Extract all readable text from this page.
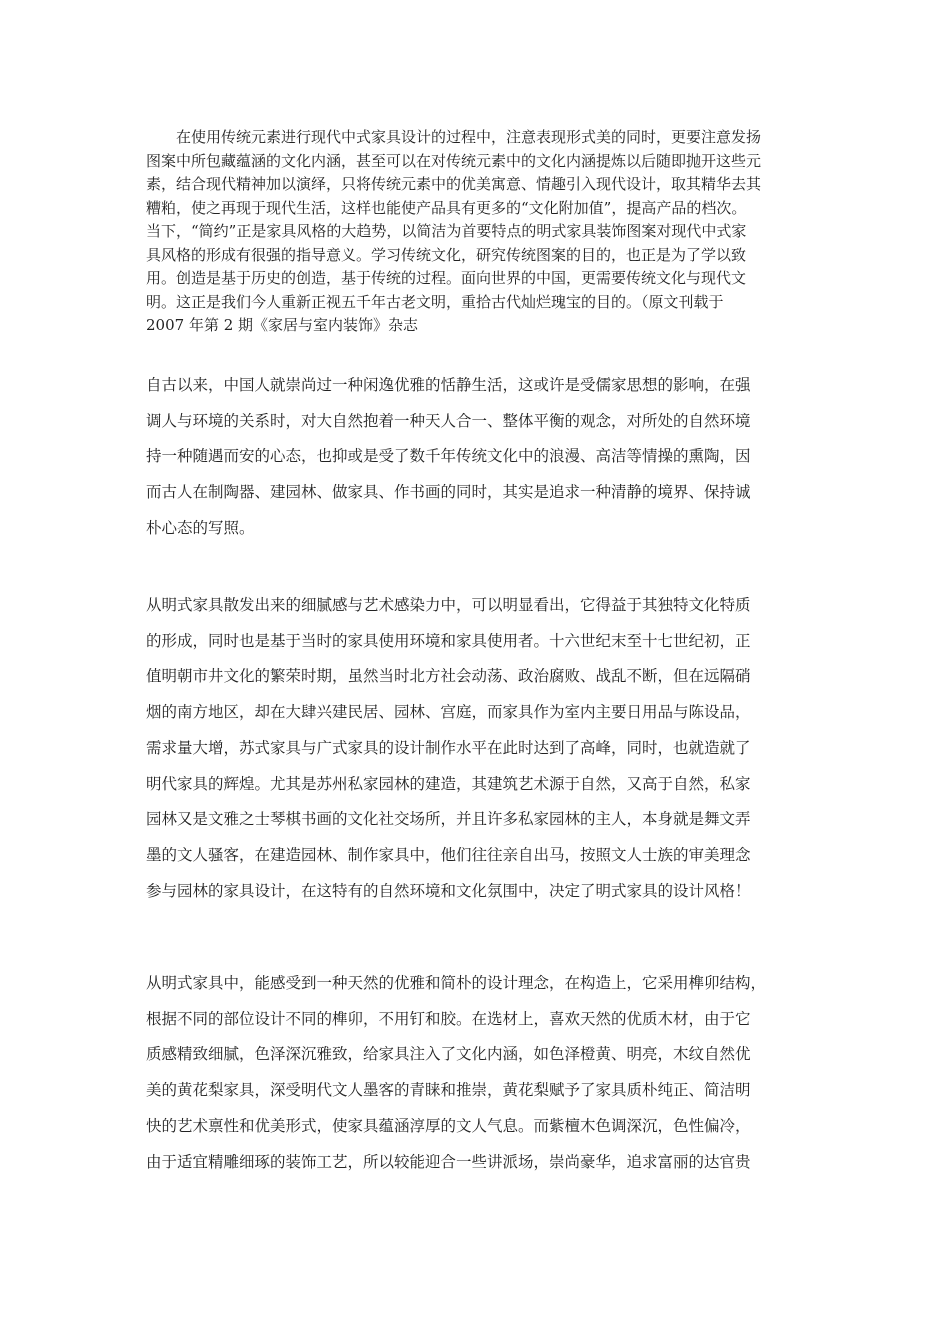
在使用传统元素进行现代中式家具设计的过程中，注意表现形式美的同时，更要注意发扬
图案中所包藏蕴涵的文化内涵，甚至可以在对传统元素中的文化内涵提炼以后随即抛开这些元
素，结合现代精神加以演绎，只将传统元素中的优美寓意、情趣引入现代设计，取其精华去其
糟粕，使之再现于现代生活，这样也能使产品具有更多的“文化附加值”，提高产品的档次。
当下，“简约”正是家具风格的大趋势，以简洁为首要特点的明式家具装饰图案对现代中式家
具风格的形成有很强的指导意义。学习传统文化，研究传统图案的目的，也正是为了学以致
用。创造是基于历史的创造，基于传统的过程。面向世界的中国，更需要传统文化与现代文
明。这正是我们今人重新正视五千年古老文明，重拾古代灿烂瑰宝的目的。（原文刊载于
2007 年第 2 期《家居与室内装饰》杂志
自古以来，中国人就崇尚过一种闲逸优雅的恬静生活，这或许是受儒家思想的影响，在强
调人与环境的关系时，对大自然抱着一种天人合一、整体平衡的观念，对所处的自然环境
持一种随遇而安的心态，也抑或是受了数千年传统文化中的浪漫、高洁等情操的熏陶，因
而古人在制陶器、建园林、做家具、作书画的同时，其实是追求一种清静的境界、保持诚
朴心态的写照。
从明式家具散发出来的细腻感与艺术感染力中，可以明显看出，它得益于其独特文化特质
的形成，同时也是基于当时的家具使用环境和家具使用者。十六世纪末至十七世纪初，正
值明朝市井文化的繁荣时期，虽然当时北方社会动荡、政治腐败、战乱不断，但在远隔硝
烟的南方地区，却在大肆兴建民居、园林、宫庭，而家具作为室内主要日用品与陈设品，
需求量大增，苏式家具与广式家具的设计制作水平在此时达到了高峰，同时，也就造就了
明代家具的辉煌。尤其是苏州私家园林的建造，其建筑艺术源于自然，又高于自然，私家
园林又是文雅之士琴棋书画的文化社交场所，并且许多私家园林的主人，本身就是舞文弄
墨的文人骚客，在建造园林、制作家具中，他们往往亲自出马，按照文人士族的审美理念
参与园林的家具设计，在这特有的自然环境和文化氛围中，决定了明式家具的设计风格！
从明式家具中，能感受到一种天然的优雅和简朴的设计理念，在构造上，它采用榫卯结构，
根据不同的部位设计不同的榫卯，不用钉和胶。在选材上，喜欢天然的优质木材，由于它
质感精致细腻，色泽深沉雅致，给家具注入了文化内涵，如色泽橙黄、明亮，木纹自然优
美的黄花梨家具，深受明代文人墨客的青睐和推崇，黄花梨赋予了家具质朴纯正、简洁明
快的艺术禀性和优美形式，使家具蕴涵淳厚的文人气息。而紫檀木色调深沉，色性偏冷，
由于适宜精雕细琢的装饰工艺，所以较能迎合一些讲派场，崇尚豪华，追求富丽的达官贵
